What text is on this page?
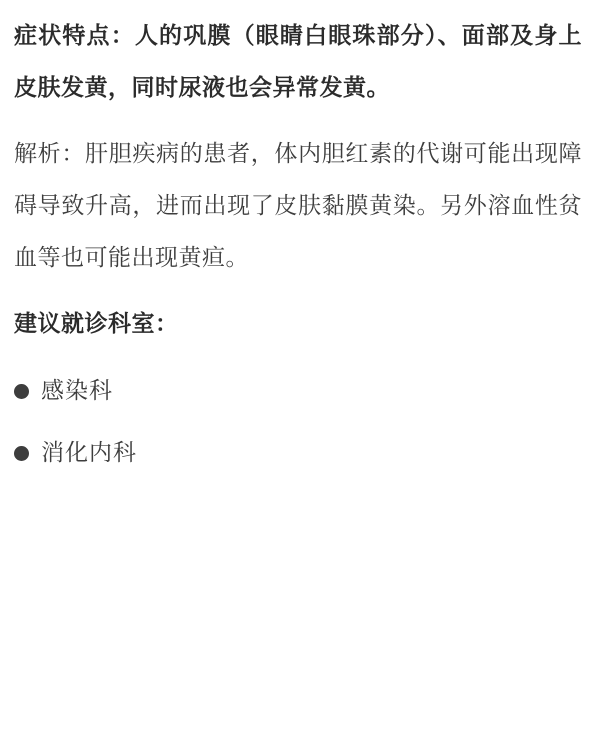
症状特点：人的巩膜（眼睛白眼珠部分）、面部及身上皮肤发黄，同时尿液也会异常发黄。

解析：肝胆疾病的患者，体内胆红素的代谢可能出现障碍导致升高，进而出现了皮肤黏膜黄染。另外溶血性贫血等也可能出现黄疸。

建议就诊科室：

感染科
消化内科
